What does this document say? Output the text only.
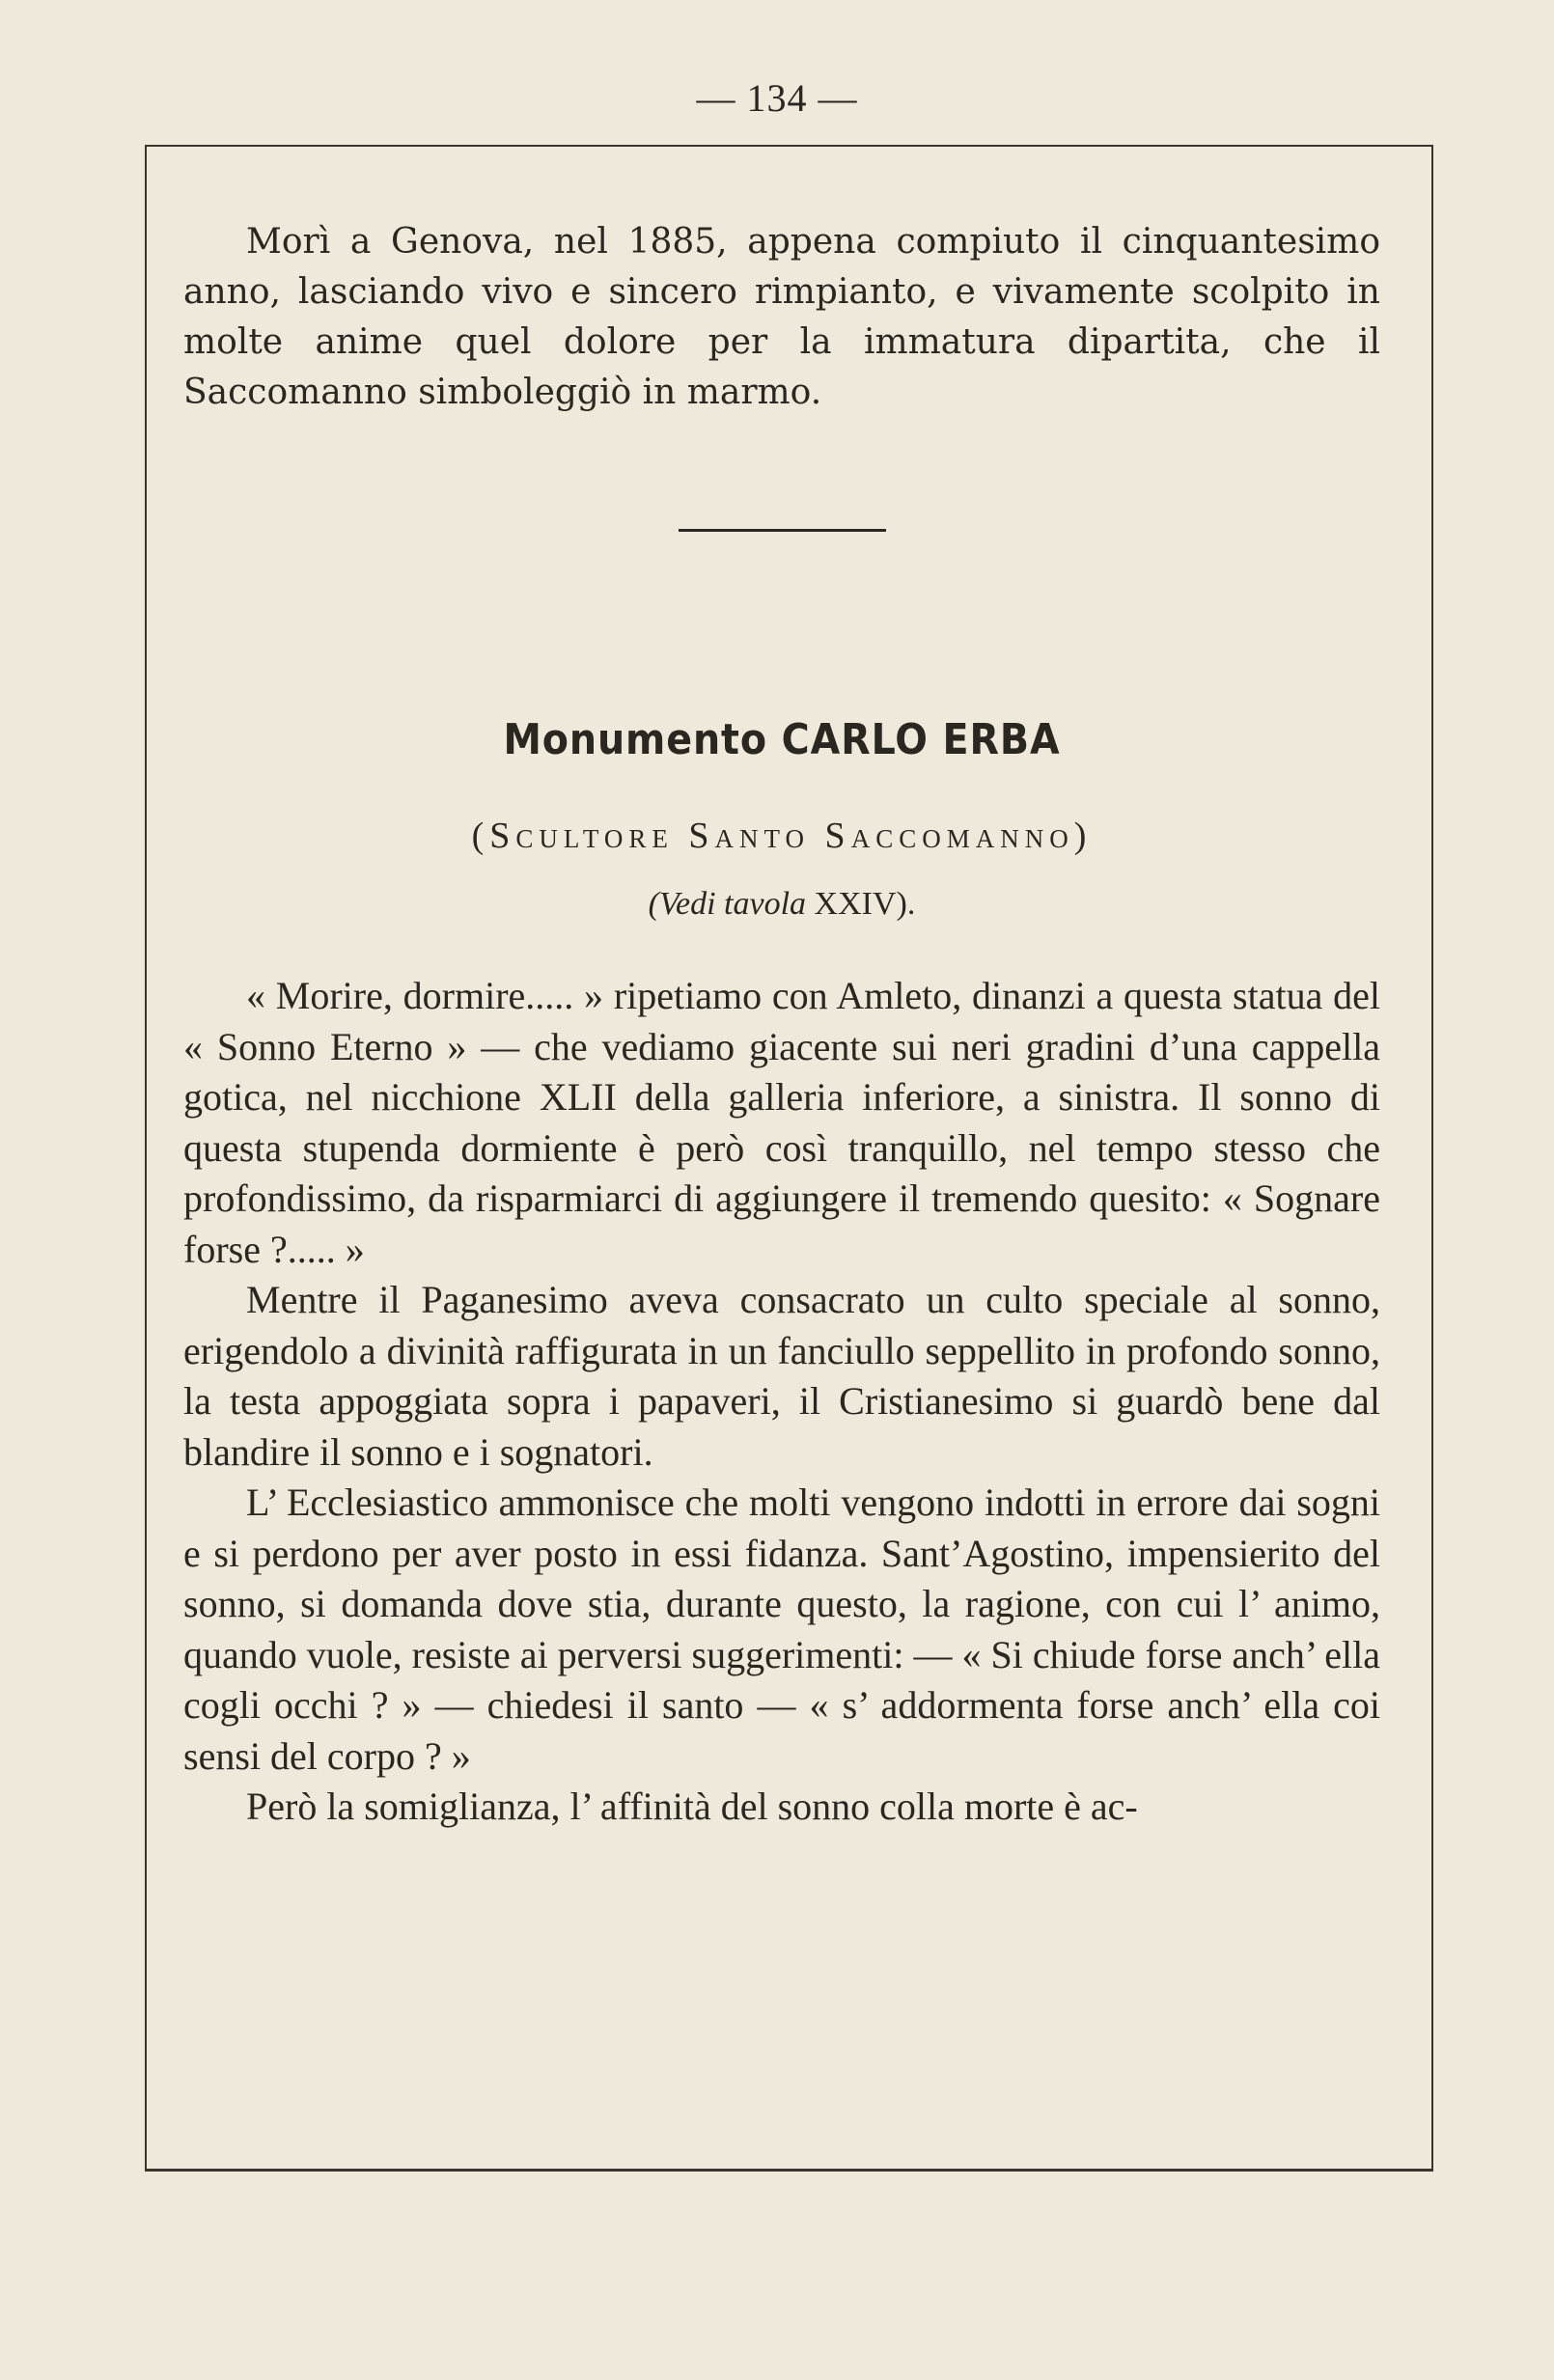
— 134 —

Morì a Genova, nel 1885, appena compiuto il cinquantesimo anno, lasciando vivo e sincero rimpianto, e vivamente scolpito in molte anime quel dolore per la immatura dipartita, che il Saccomanno simboleggiò in marmo.

Monumento CARLO ERBA
(Scultore Santo Saccomanno)
(Vedi tavola XXIV).

« Morire, dormire..... » ripetiamo con Amleto, dinanzi a questa statua del « Sonno Eterno » — che vediamo giacente sui neri gradini d’una cappella gotica, nel nicchione XLII della galleria inferiore, a sinistra. Il sonno di questa stupenda dormiente è però così tranquillo, nel tempo stesso che profondissimo, da risparmiarci di aggiungere il tremendo quesito: « Sognare forse ?..... »

Mentre il Paganesimo aveva consacrato un culto speciale al sonno, erigendolo a divinità raffigurata in un fanciullo seppellito in profondo sonno, la testa appoggiata sopra i papaveri, il Cristianesimo si guardò bene dal blandire il sonno e i sognatori.

L’ Ecclesiastico ammonisce che molti vengono indotti in errore dai sogni e si perdono per aver posto in essi fidanza. Sant’Agostino, impensierito del sonno, si domanda dove stia, durante questo, la ragione, con cui l’ animo, quando vuole, resiste ai perversi suggerimenti: — « Si chiude forse anch’ ella cogli occhi ? » — chiedesi il santo — « s’ addormenta forse anch’ ella coi sensi del corpo ? »

Però la somiglianza, l’ affinità del sonno colla morte è ac-
